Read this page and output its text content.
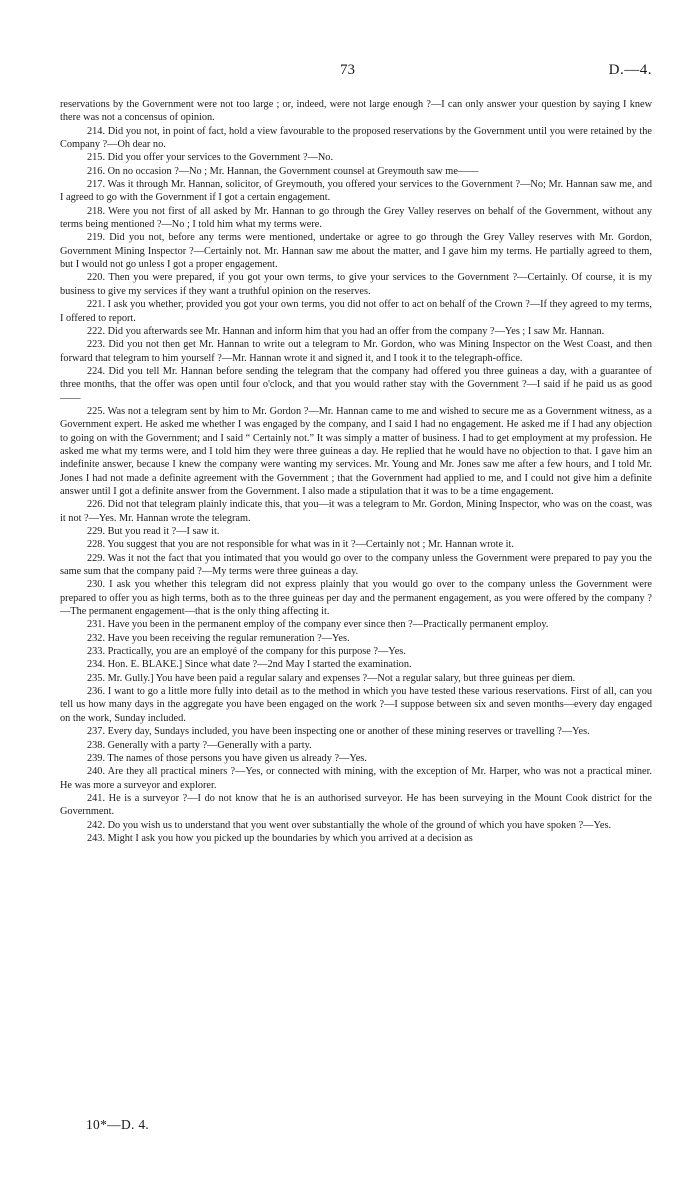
73	D.—4.

reservations by the Government were not too large ; or, indeed, were not large enough ?—I can only answer your question by saying I knew there was not a concensus of opinion.

214. Did you not, in point of fact, hold a view favourable to the proposed reservations by the Government until you were retained by the Company ?—Oh dear no.

215. Did you offer your services to the Government ?—No.

216. On no occasion ?—No ; Mr. Hannan, the Government counsel at Greymouth saw me——

217. Was it through Mr. Hannan, solicitor, of Greymouth, you offered your services to the Government ?—No; Mr. Hannan saw me, and I agreed to go with the Government if I got a certain engagement.

218. Were you not first of all asked by Mr. Hannan to go through the Grey Valley reserves on behalf of the Government, without any terms being mentioned ?—No ; I told him what my terms were.

219. Did you not, before any terms were mentioned, undertake or agree to go through the Grey Valley reserves with Mr. Gordon, Government Mining Inspector ?—Certainly not. Mr. Hannan saw me about the matter, and I gave him my terms. He partially agreed to them, but I would not go unless I got a proper engagement.

220. Then you were prepared, if you got your own terms, to give your services to the Government ?—Certainly. Of course, it is my business to give my services if they want a truthful opinion on the reserves.

221. I ask you whether, provided you got your own terms, you did not offer to act on behalf of the Crown ?—If they agreed to my terms, I offered to report.

222. Did you afterwards see Mr. Hannan and inform him that you had an offer from the company ?—Yes ; I saw Mr. Hannan.

223. Did you not then get Mr. Hannan to write out a telegram to Mr. Gordon, who was Mining Inspector on the West Coast, and then forward that telegram to him yourself ?—Mr. Hannan wrote it and signed it, and I took it to the telegraph-office.

224. Did you tell Mr. Hannan before sending the telegram that the company had offered you three guineas a day, with a guarantee of three months, that the offer was open until four o'clock, and that you would rather stay with the Government ?—I said if he paid us as good——

225. Was not a telegram sent by him to Mr. Gordon ?—Mr. Hannan came to me and wished to secure me as a Government witness, as a Government expert. He asked me whether I was engaged by the company, and I said I had no engagement. He asked me if I had any objection to going on with the Government; and I said “ Certainly not.” It was simply a matter of business. I had to get employment at my profession. He asked me what my terms were, and I told him they were three guineas a day. He replied that he would have no objection to that. I gave him an indefinite answer, because I knew the company were wanting my services. Mr. Young and Mr. Jones saw me after a few hours, and I told Mr. Jones I had not made a definite agreement with the Government ; that the Government had applied to me, and I could not give him a definite answer until I got a definite answer from the Government. I also made a stipulation that it was to be a time engagement.

226. Did not that telegram plainly indicate this, that you—it was a telegram to Mr. Gordon, Mining Inspector, who was on the coast, was it not ?—Yes. Mr. Hannan wrote the telegram.

229. But you read it ?—I saw it.

228. You suggest that you are not responsible for what was in it ?—Certainly not ; Mr. Hannan wrote it.

229. Was it not the fact that you intimated that you would go over to the company unless the Government were prepared to pay you the same sum that the company paid ?—My terms were three guineas a day.

230. I ask you whether this telegram did not express plainly that you would go over to the company unless the Government were prepared to offer you as high terms, both as to the three guineas per day and the permanent engagement, as you were offered by the company ?—The permanent engagement—that is the only thing affecting it.

231. Have you been in the permanent employ of the company ever since then ?—Practically permanent employ.

232. Have you been receiving the regular remuneration ?—Yes.

233. Practically, you are an employé of the company for this purpose ?—Yes.

234. Hon. E. BLAKE.] Since what date ?—2nd May I started the examination.

235. Mr. Gully.] You have been paid a regular salary and expenses ?—Not a regular salary, but three guineas per diem.

236. I want to go a little more fully into detail as to the method in which you have tested these various reservations. First of all, can you tell us how many days in the aggregate you have been engaged on the work ?—I suppose between six and seven months—every day engaged on the work, Sunday included.

237. Every day, Sundays included, you have been inspecting one or another of these mining reserves or travelling ?—Yes.

238. Generally with a party ?—Generally with a party.

239. The names of those persons you have given us already ?—Yes.

240. Are they all practical miners ?—Yes, or connected with mining, with the exception of Mr. Harper, who was not a practical miner. He was more a surveyor and explorer.

241. He is a surveyor ?—I do not know that he is an authorised surveyor. He has been surveying in the Mount Cook district for the Government.

242. Do you wish us to understand that you went over substantially the whole of the ground of which you have spoken ?—Yes.

243. Might I ask you how you picked up the boundaries by which you arrived at a decision as

10*—D. 4.
